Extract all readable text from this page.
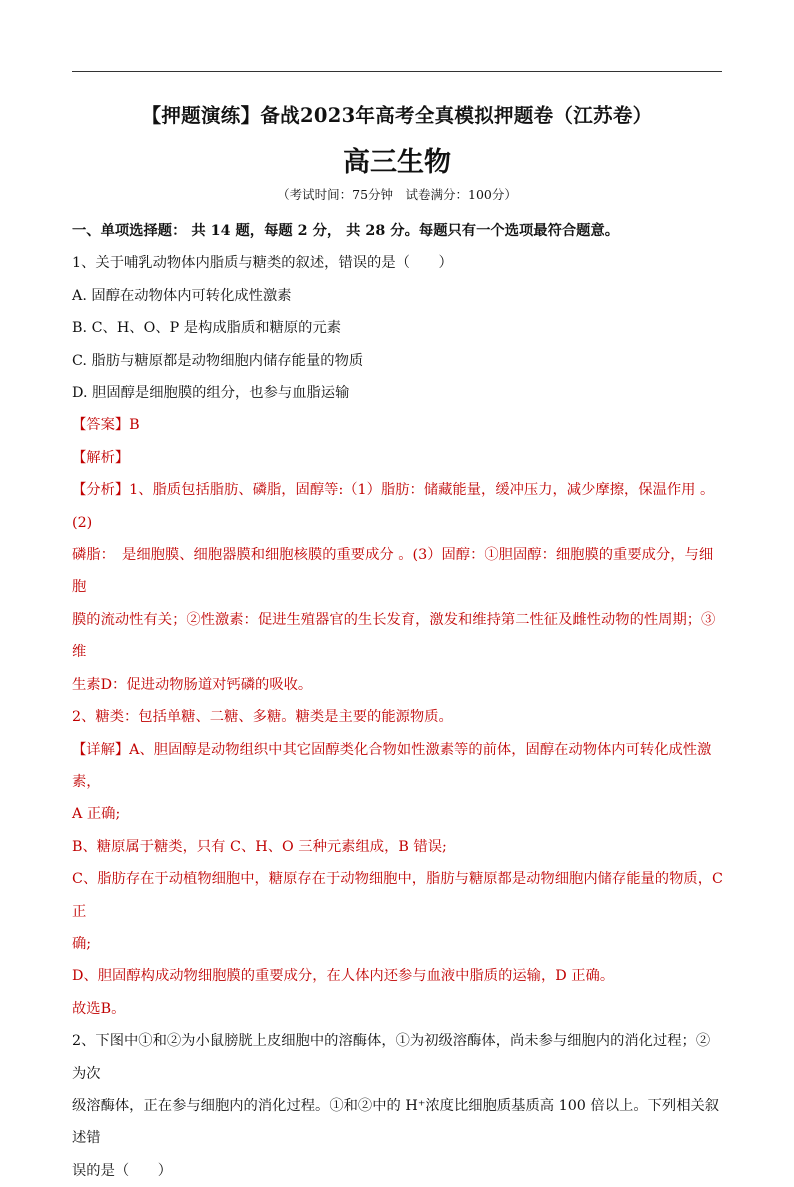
【押题演练】备战2023年高考全真模拟押题卷（江苏卷）
高三生物
（考试时间：75分钟　试卷满分：100分）

一、单项选择题： 共 14 题，每题 2 分， 共 28 分。每题只有一个选项最符合题意。

1、关于哺乳动物体内脂质与糖类的叙述，错误的是（　　）

A. 固醇在动物体内可转化成性激素

B. C、H、O、P 是构成脂质和糖原的元素

C. 脂肪与糖原都是动物细胞内储存能量的物质

D. 胆固醇是细胞膜的组分，也参与血脂运输

【答案】B

【解析】

【分析】1、脂质包括脂肪、磷脂，固醇等:（1）脂肪：储藏能量，缓冲压力，减少摩擦，保温作用 。(2)

磷脂：　是细胞膜、细胞器膜和细胞核膜的重要成分 。(3）固醇：①胆固醇：细胞膜的重要成分，与细胞

膜的流动性有关；②性激素：促进生殖器官的生长发育，激发和维持第二性征及雌性动物的性周期；③维

生素D：促进动物肠道对钙磷的吸收。

2、糖类：包括单糖、二糖、多糖。糖类是主要的能源物质。

【详解】A、胆固醇是动物组织中其它固醇类化合物如性激素等的前体，固醇在动物体内可转化成性激素，

A 正确;

B、糖原属于糖类，只有 C、H、O 三种元素组成，B 错误;

C、脂肪存在于动植物细胞中，糖原存在于动物细胞中，脂肪与糖原都是动物细胞内储存能量的物质，C 正

确;

D、胆固醇构成动物细胞膜的重要成分，在人体内还参与血液中脂质的运输，D 正确。

故选B。

2、下图中①和②为小鼠膀胱上皮细胞中的溶酶体，①为初级溶酶体，尚未参与细胞内的消化过程；②为次

级溶酶体，正在参与细胞内的消化过程。①和②中的 H⁺浓度比细胞质基质高 100 倍以上。下列相关叙述错

误的是（　　）
